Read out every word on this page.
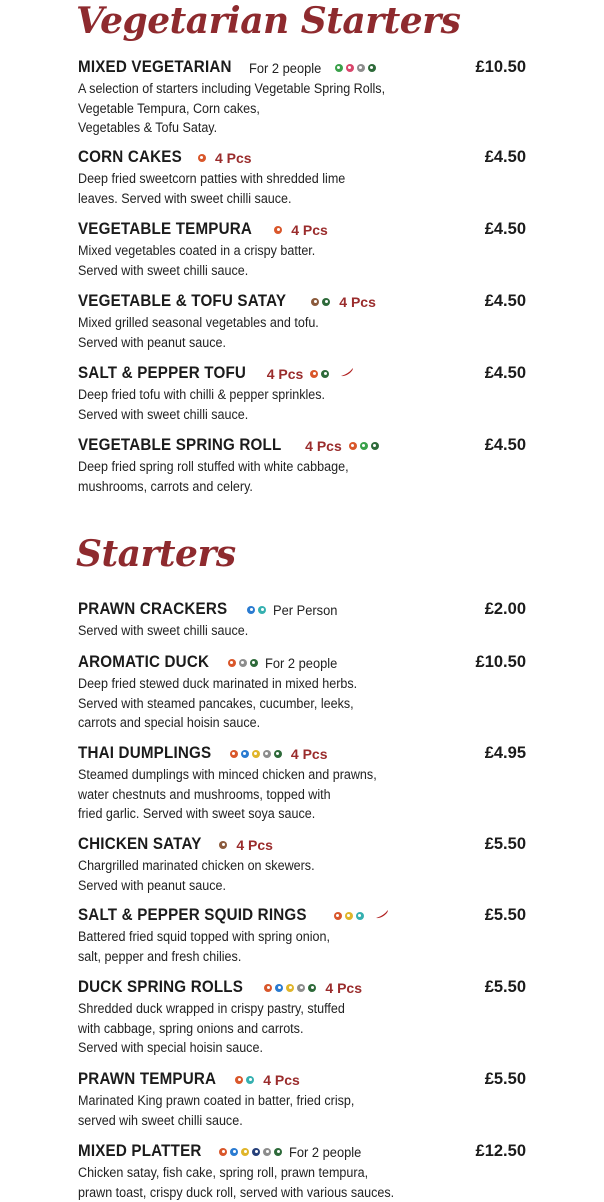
Vegetarian Starters
MIXED VEGETARIAN For 2 people	£10.50
A selection of starters including Vegetable Spring Rolls,
Vegetable Tempura, Corn cakes,
Vegetables & Tofu Satay.
CORN CAKES 4 Pcs	£4.50
Deep fried sweetcorn patties with shredded lime
leaves. Served with sweet chilli sauce.
VEGETABLE TEMPURA	4 Pcs	£4.50
Mixed vegetables coated in a crispy batter.
Served with sweet chilli sauce.
VEGETABLE & TOFU SATAY	4 Pcs	£4.50
Mixed grilled seasonal vegetables and tofu.
Served with peanut sauce.
SALT & PEPPER TOFU 4 Pcs	£4.50
Deep fried tofu with chilli & pepper sprinkles.
Served with sweet chilli sauce.
VEGETABLE SPRING ROLL 4 Pcs	£4.50
Deep fried spring roll stuffed with white cabbage,
mushrooms, carrots and celery.
Starters
PRAWN CRACKERS	Per Person	£2.00
Served with sweet chilli sauce.
AROMATIC DUCK	For 2 people	£10.50
Deep fried stewed duck marinated in mixed herbs.
Served with steamed pancakes, cucumber, leeks,
carrots and special hoisin sauce.
THAI DUMPLINGS	4 Pcs	£4.95
Steamed dumplings with minced chicken and prawns,
water chestnuts and mushrooms, topped with
fried garlic. Served with sweet soya sauce.
CHICKEN SATAY 4 Pcs	£5.50
Chargrilled marinated chicken on skewers.
Served with peanut sauce.
SALT & PEPPER SQUID RINGS	£5.50
Battered fried squid topped with spring onion,
salt, pepper and fresh chilies.
DUCK SPRING ROLLS	4 Pcs	£5.50
Shredded duck wrapped in crispy pastry, stuffed
with cabbage, spring onions and carrots.
Served with special hoisin sauce.
PRAWN TEMPURA	4 Pcs	£5.50
Marinated King prawn coated in batter, fried crisp,
served wih sweet chilli sauce.
MIXED PLATTER	For 2 people	£12.50
Chicken satay, fish cake, spring roll, prawn tempura,
prawn toast, crispy duck roll, served with various sauces.
